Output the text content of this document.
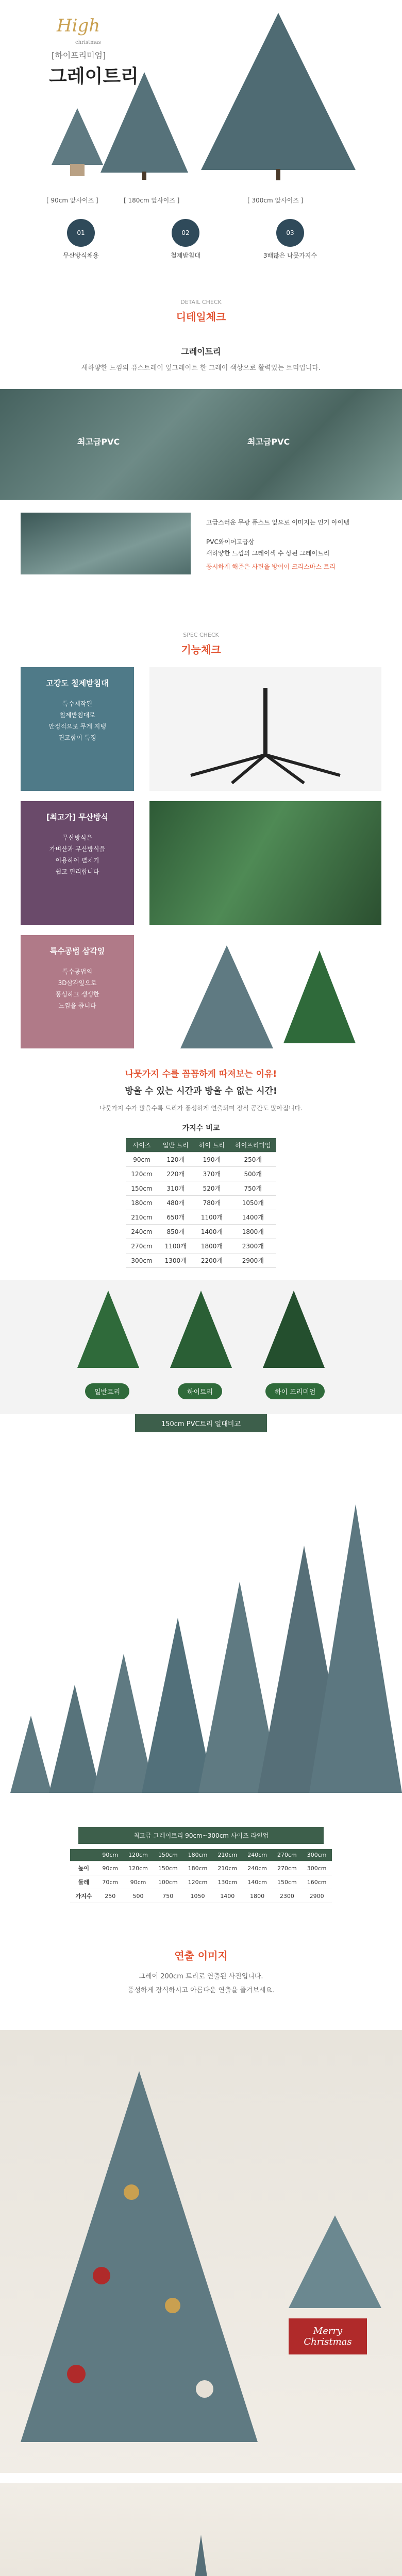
High
christmas
[하이프리미엄]
그레이트리
[ 90cm 앞사이즈 ]	[ 180cm 앞사이즈 ]	[ 300cm 앞사이즈 ]
01
무산방식채용
02
철제받침대
03
3배많은 나뭇가지수
DETAIL CHECK
디테일체크
그레이트리
새하얗한 느낌의 퓨스트레이 잎그레이트 한 그레이 색상으로 활력있는 트리입니다.
최고급PVC	최고급PVC
고급스러운 무광 퓨스트 잎으로 이미지는 인기 아이템
PVC와이어고급상
새하얗한 느낌의 그레이색 수 상된 그레이트리
풍시하게 해준은 사틴을 방이어 크리스마스 트리
SPEC CHECK
기능체크
고강도 철제받침대
특수제작된
철제받침대로
안정적으로 무게 지탱
견고함이 특징
[최고가] 무산방식
무산방식은
가벼산과 무산방식을
이용하여 펼치기
쉽고 편리합니다
특수공법 삼각잎
특수공법의
3D삼각잎으로
풍성하고 생생한
느낌을 줍니다
나뭇가지 수를 꼼꼼하게 따져보는 이유!
방울 수 있는 시간과 방울 수 없는 시간!
나뭇가지 수가 많을수록 트리가 풍성하게 연출되며 장식 공간도 많아집니다.
가지수 비교
사이즈	일반 트리	하이 트리	하이프리미엄
90cm	120개	190개	250개
120cm	220개	370개	500개
150cm	310개	520개	750개
180cm	480개	780개	1050개
210cm	650개	1100개	1400개
240cm	850개	1400개	1800개
270cm	1100개	1800개	2300개
300cm	1300개	2200개	2900개
일반트리	하이트리	하이 프리미엄
150cm PVC트리 일대비교
최고급 그레이트리 90cm~300cm 사이즈 라인업
	90cm	120cm	150cm	180cm	210cm	240cm	270cm	300cm
높이	90cm	120cm	150cm	180cm	210cm	240cm	270cm	300cm
둘레	70cm	90cm	100cm	120cm	130cm	140cm	150cm	160cm
가지수	250	500	750	1050	1400	1800	2300	2900
연출 이미지
그레이 200cm 트리로 연출된 사진입니다.
풍성하게 장식하시고 아름다운 연출을 즐겨보세요.
Merry Christmas
